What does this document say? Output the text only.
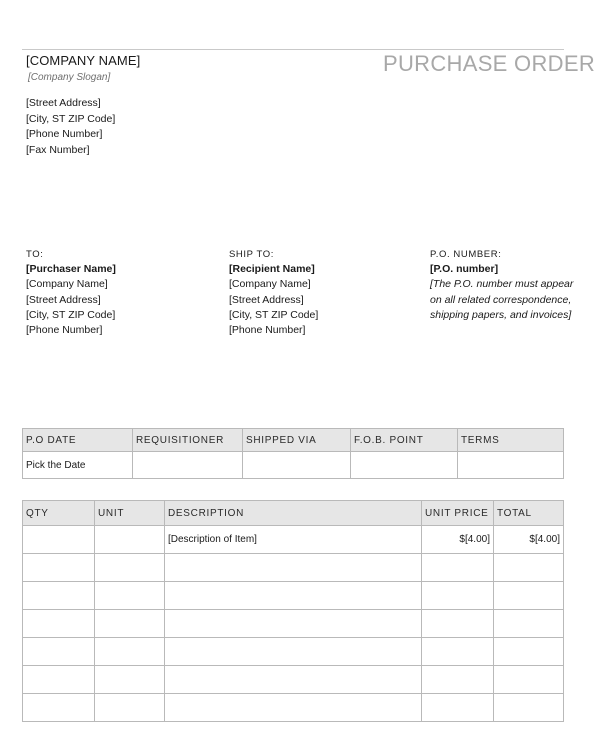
[COMPANY NAME]
[Company Slogan]
PURCHASE ORDER
[Street Address]
[City, ST ZIP Code]
[Phone Number]
[Fax Number]
TO:
[Purchaser Name]
[Company Name]
[Street Address]
[City, ST ZIP Code]
[Phone Number]
SHIP TO:
[Recipient Name]
[Company Name]
[Street Address]
[City, ST ZIP Code]
[Phone Number]
P.O. NUMBER:
[P.O. number]
[The P.O. number must appear
on all related correspondence,
shipping papers, and invoices]
P.O DATE	REQUISITIONER	SHIPPED VIA	F.O.B. POINT	TERMS
Pick the Date				
QTY	UNIT	DESCRIPTION	UNIT PRICE	TOTAL
		[Description of Item]	$[4.00]	$[4.00]
